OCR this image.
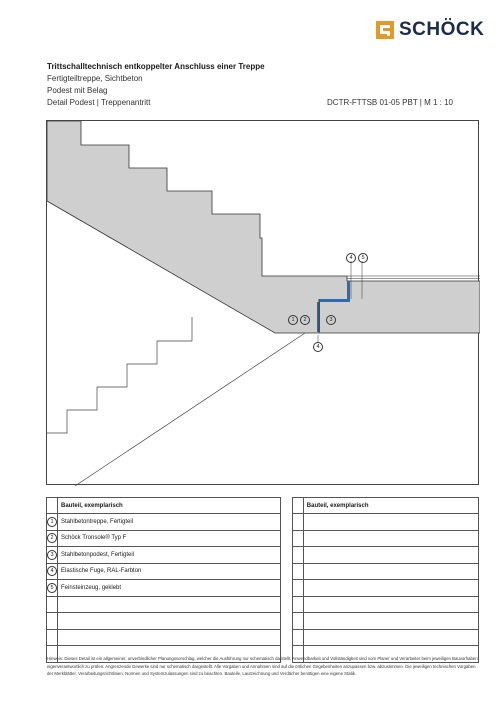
SCHÖCK
Trittschalltechnisch entkoppelter Anschluss einer Treppe
Fertigteiltreppe, Sichtbeton
Podest mit Belag
Detail Podest | Treppenantritt	DCTR-FTTSB 01-05 PBT | M 1 : 10
4	5
1	2	3
4
	Bauteil, exemplarisch			Bauteil, exemplarisch
1	Stahlbetontreppe, Fertigteil			
2	Schöck Tronsole® Typ F			
3	Stahlbetonpodest, Fertigteil			
4	Elastische Fuge, RAL-Farbton			
5	Feinsteinzeug, geklebt			

Hinweis: Dieses Detail ist ein allgemeiner, unverbindlicher Planungsvorschlag, welcher die Ausführung nur schematisch darstellt. Anwendbarkeit und Vollständigkeit sind vom Planer und Verarbeiter beim jeweiligen Bauvorhaben eigenverantwortlich zu prüfen. Angrenzende Gewerke sind nur schematisch dargestellt. Alle Vorgaben und Annahmen sind auf die örtlichen Gegebenheiten anzupassen bzw. abzustimmen. Die jeweiligen technischen Vorgaben der Merkblätter, Verarbeitungsrichtlinien, Normen und Systemzulassungen sind zu beachten. Bauteile, Lautzeichnung und Verdächer benötigen eine eigene Statik.
